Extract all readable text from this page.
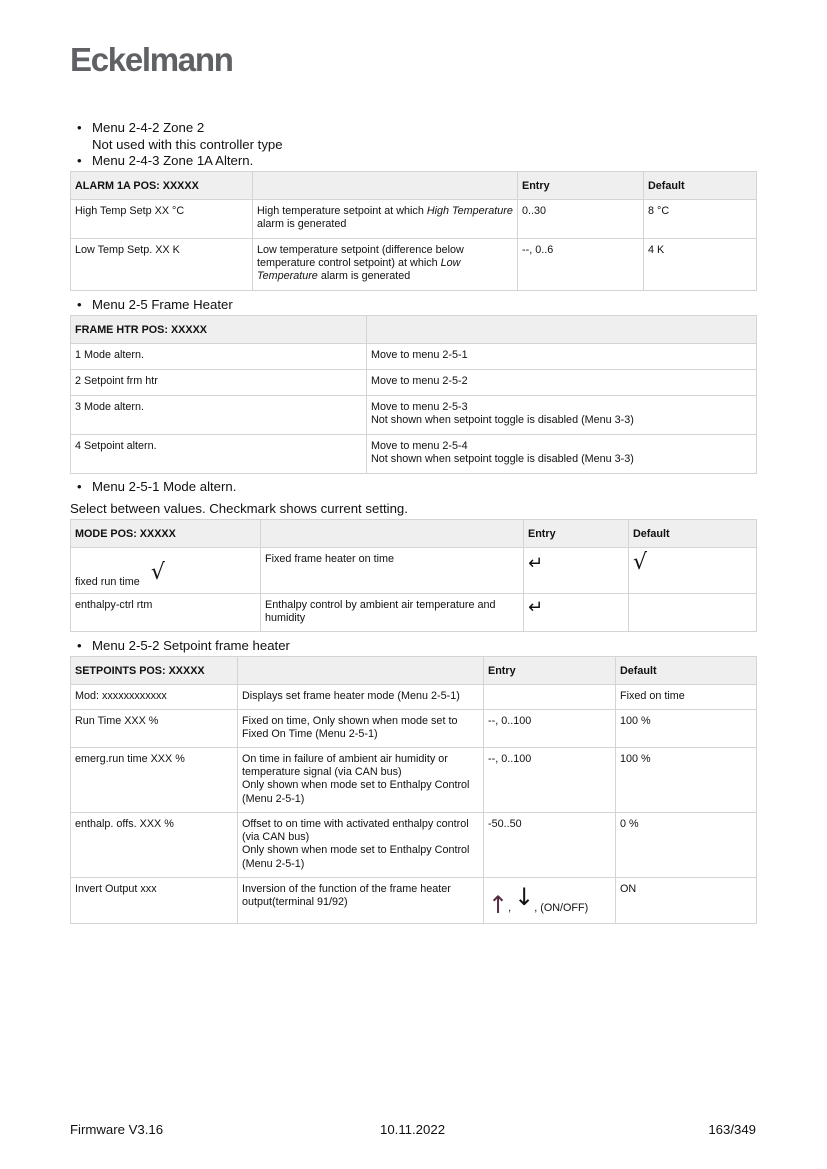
Eckelmann
• Menu 2-4-2 Zone 2
Not used with this controller type
• Menu 2-4-3 Zone 1A Altern.
ALARM 1A POS: XXXXX		Entry	Default
High Temp Setp XX °C	High temperature setpoint at which High Temperature alarm is generated	0..30	8 °C
Low Temp Setp. XX K	Low temperature setpoint (difference below temperature control setpoint) at which Low Temperature alarm is generated	--, 0..6	4 K
• Menu 2-5 Frame Heater
FRAME HTR POS: XXXXX	
1 Mode altern.	Move to menu 2-5-1

2 Setpoint frm htr	Move to menu 2-5-2

3 Mode altern.	Move to menu 2-5-3
Not shown when setpoint toggle is disabled (Menu 3-3)

4 Setpoint altern.	Move to menu 2-5-4
Not shown when setpoint toggle is disabled (Menu 3-3)
• Menu 2-5-1 Mode altern.
Select between values. Checkmark shows current setting.
MODE POS: XXXXX		Entry	Default
fixed run time √	Fixed frame heater on time	↵	√
enthalpy-ctrl rtm	Enthalpy control by ambient air temperature and humidity	↵	
• Menu 2-5-2 Setpoint frame heater
SETPOINTS POS: XXXXX		Entry	Default
Mod: xxxxxxxxxxxx	Displays set frame heater mode (Menu 2-5-1)		Fixed on time
Run Time XXX %	Fixed on time, Only shown when mode set to Fixed On Time (Menu 2-5-1)	--, 0..100	100 %
emerg.run time XXX %	On time in failure of ambient air humidity or temperature signal (via CAN bus)
Only shown when mode set to Enthalpy Control (Menu 2-5-1)	--, 0..100	100 %
enthalp. offs. XXX %	Offset to on time with activated enthalpy control (via CAN bus)
Only shown when mode set to Enthalpy Control (Menu 2-5-1)	-50..50	0 %
Invert Output xxx	Inversion of the function of the frame heater output(terminal 91/92)	↑, ↓, (ON/OFF)	ON
Firmware V3.16	10.11.2022	163/349
